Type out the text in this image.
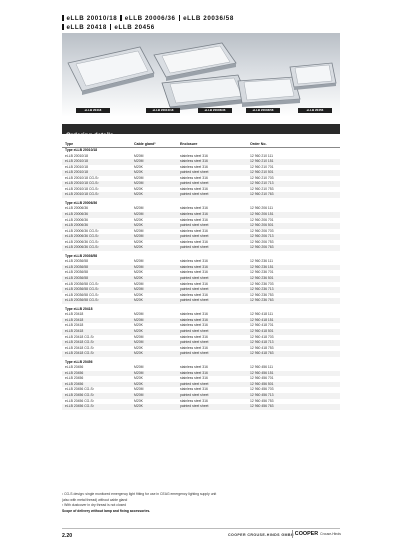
eLLB 20010/18 eLLB 20006/36 eLLB 20036/58
eLLB 20418 eLLB 20456
eLLB 20418	eLLB 20010/18	eLLB 20006/36	eLLB 20036/58	eLLB 20456
Ordering details
Type	Cable gland¹	Enclosure	Order No.
Type eLLB 20010/18
eLLB 20010/18	M20M	stainless steel 316	12 960 210 111
eLLB 20010/18	M20M	stainless steel 316	12 960 210 151
eLLB 20010/18	M20K	stainless steel 316	12 960 210 701
eLLB 20010/18	M20K	painted steel sheet	12 960 210 501
eLLB 20010/18 CG-S²	M20M	stainless steel 316	12 960 210 703
eLLB 20010/18 CG-S²	M20M	painted steel sheet	12 960 210 713
eLLB 20010/18 CG-S²	M20K	stainless steel 316	12 960 210 753
eLLB 20010/18 CG-S²	M20K	painted steel sheet	12 960 210 763
Type eLLB 20006/36
eLLB 20006/36	M20M	stainless steel 316	12 960 206 111
eLLB 20006/36	M20M	stainless steel 316	12 960 206 151
eLLB 20006/36	M20K	stainless steel 316	12 960 206 701
eLLB 20006/36	M20K	painted steel sheet	12 960 206 501
eLLB 20006/36 CG-S²	M20M	stainless steel 316	12 960 206 703
eLLB 20006/36 CG-S²	M20M	painted steel sheet	12 960 206 713
eLLB 20006/36 CG-S²	M20K	stainless steel 316	12 960 206 753
eLLB 20006/36 CG-S²	M20K	painted steel sheet	12 960 206 763
Type eLLB 20036/58
eLLB 20036/58	M20M	stainless steel 316	12 960 236 111
eLLB 20036/58	M20M	stainless steel 316	12 960 236 151
eLLB 20036/58	M20K	stainless steel 316	12 960 236 701
eLLB 20036/58	M20K	painted steel sheet	12 960 236 501
eLLB 20036/58 CG-S²	M20M	stainless steel 316	12 960 236 703
eLLB 20036/58 CG-S²	M20M	painted steel sheet	12 960 236 713
eLLB 20036/58 CG-S²	M20K	stainless steel 316	12 960 236 753
eLLB 20036/58 CG-S²	M20K	painted steel sheet	12 960 236 763
Type eLLB 20418
eLLB 20418	M20M	stainless steel 316	12 960 418 111
eLLB 20418	M20M	stainless steel 316	12 960 418 151
eLLB 20418	M20K	stainless steel 316	12 960 418 701
eLLB 20418	M20K	painted steel sheet	12 960 418 501
eLLB 20418 CG-S²	M20M	stainless steel 316	12 960 418 703
eLLB 20418 CG-S²	M20M	painted steel sheet	12 960 418 713
eLLB 20418 CG-S²	M20K	stainless steel 316	12 960 418 753
eLLB 20418 CG-S²	M20K	painted steel sheet	12 960 418 763
Type eLLB 20456
eLLB 20456	M20M	stainless steel 316	12 960 456 111
eLLB 20456	M20M	stainless steel 316	12 960 456 151
eLLB 20456	M20K	stainless steel 316	12 960 456 701
eLLB 20456	M20K	painted steel sheet	12 960 456 501
eLLB 20456 CG-S²	M20M	stainless steel 316	12 960 456 703
eLLB 20456 CG-S²	M20M	painted steel sheet	12 960 456 713
eLLB 20456 CG-S²	M20K	stainless steel 316	12 960 456 753
eLLB 20456 CG-S²	M20K	painted steel sheet	12 960 456 763
¹ CG-S design: single monitored emergency light fitting for use in CEAG emergency lighting supply unit
(also with metal thread) without cable gland
² With dustcover in dry thread is not closed
Scope of delivery without lamp and fixing accessories.
2.20	COOPER CROUSE-HINDS GMBH COOPER Crouse-Hinds
